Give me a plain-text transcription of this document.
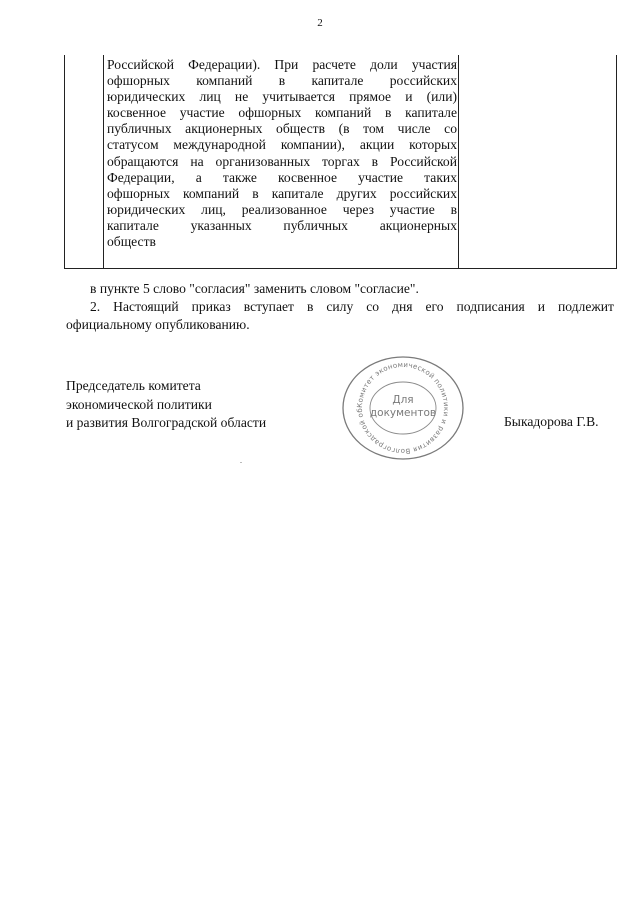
2
Российской Федерации). При расчете доли участия
офшорных компаний в капитале российских
юридических лиц не учитывается прямое и (или)
косвенное участие офшорных компаний в капитале
публичных акционерных обществ (в том числе со
статусом международной компании), акции которых
обращаются на организованных торгах в Российской
Федерации, а также косвенное участие таких
офшорных компаний в капитале других российских
юридических лиц, реализованное через участие в
капитале указанных публичных акционерных
обществ
в пункте 5 слово "согласия" заменить словом "согласие".
2. Настоящий приказ вступает в силу со дня его подписания и подлежит
официальному опубликованию.
Председатель комитета
экономической политики
и развития Волгоградской области
Комитет экономической политики и развития Волгоградской об
Для
документов
Быкадорова Г.В.
